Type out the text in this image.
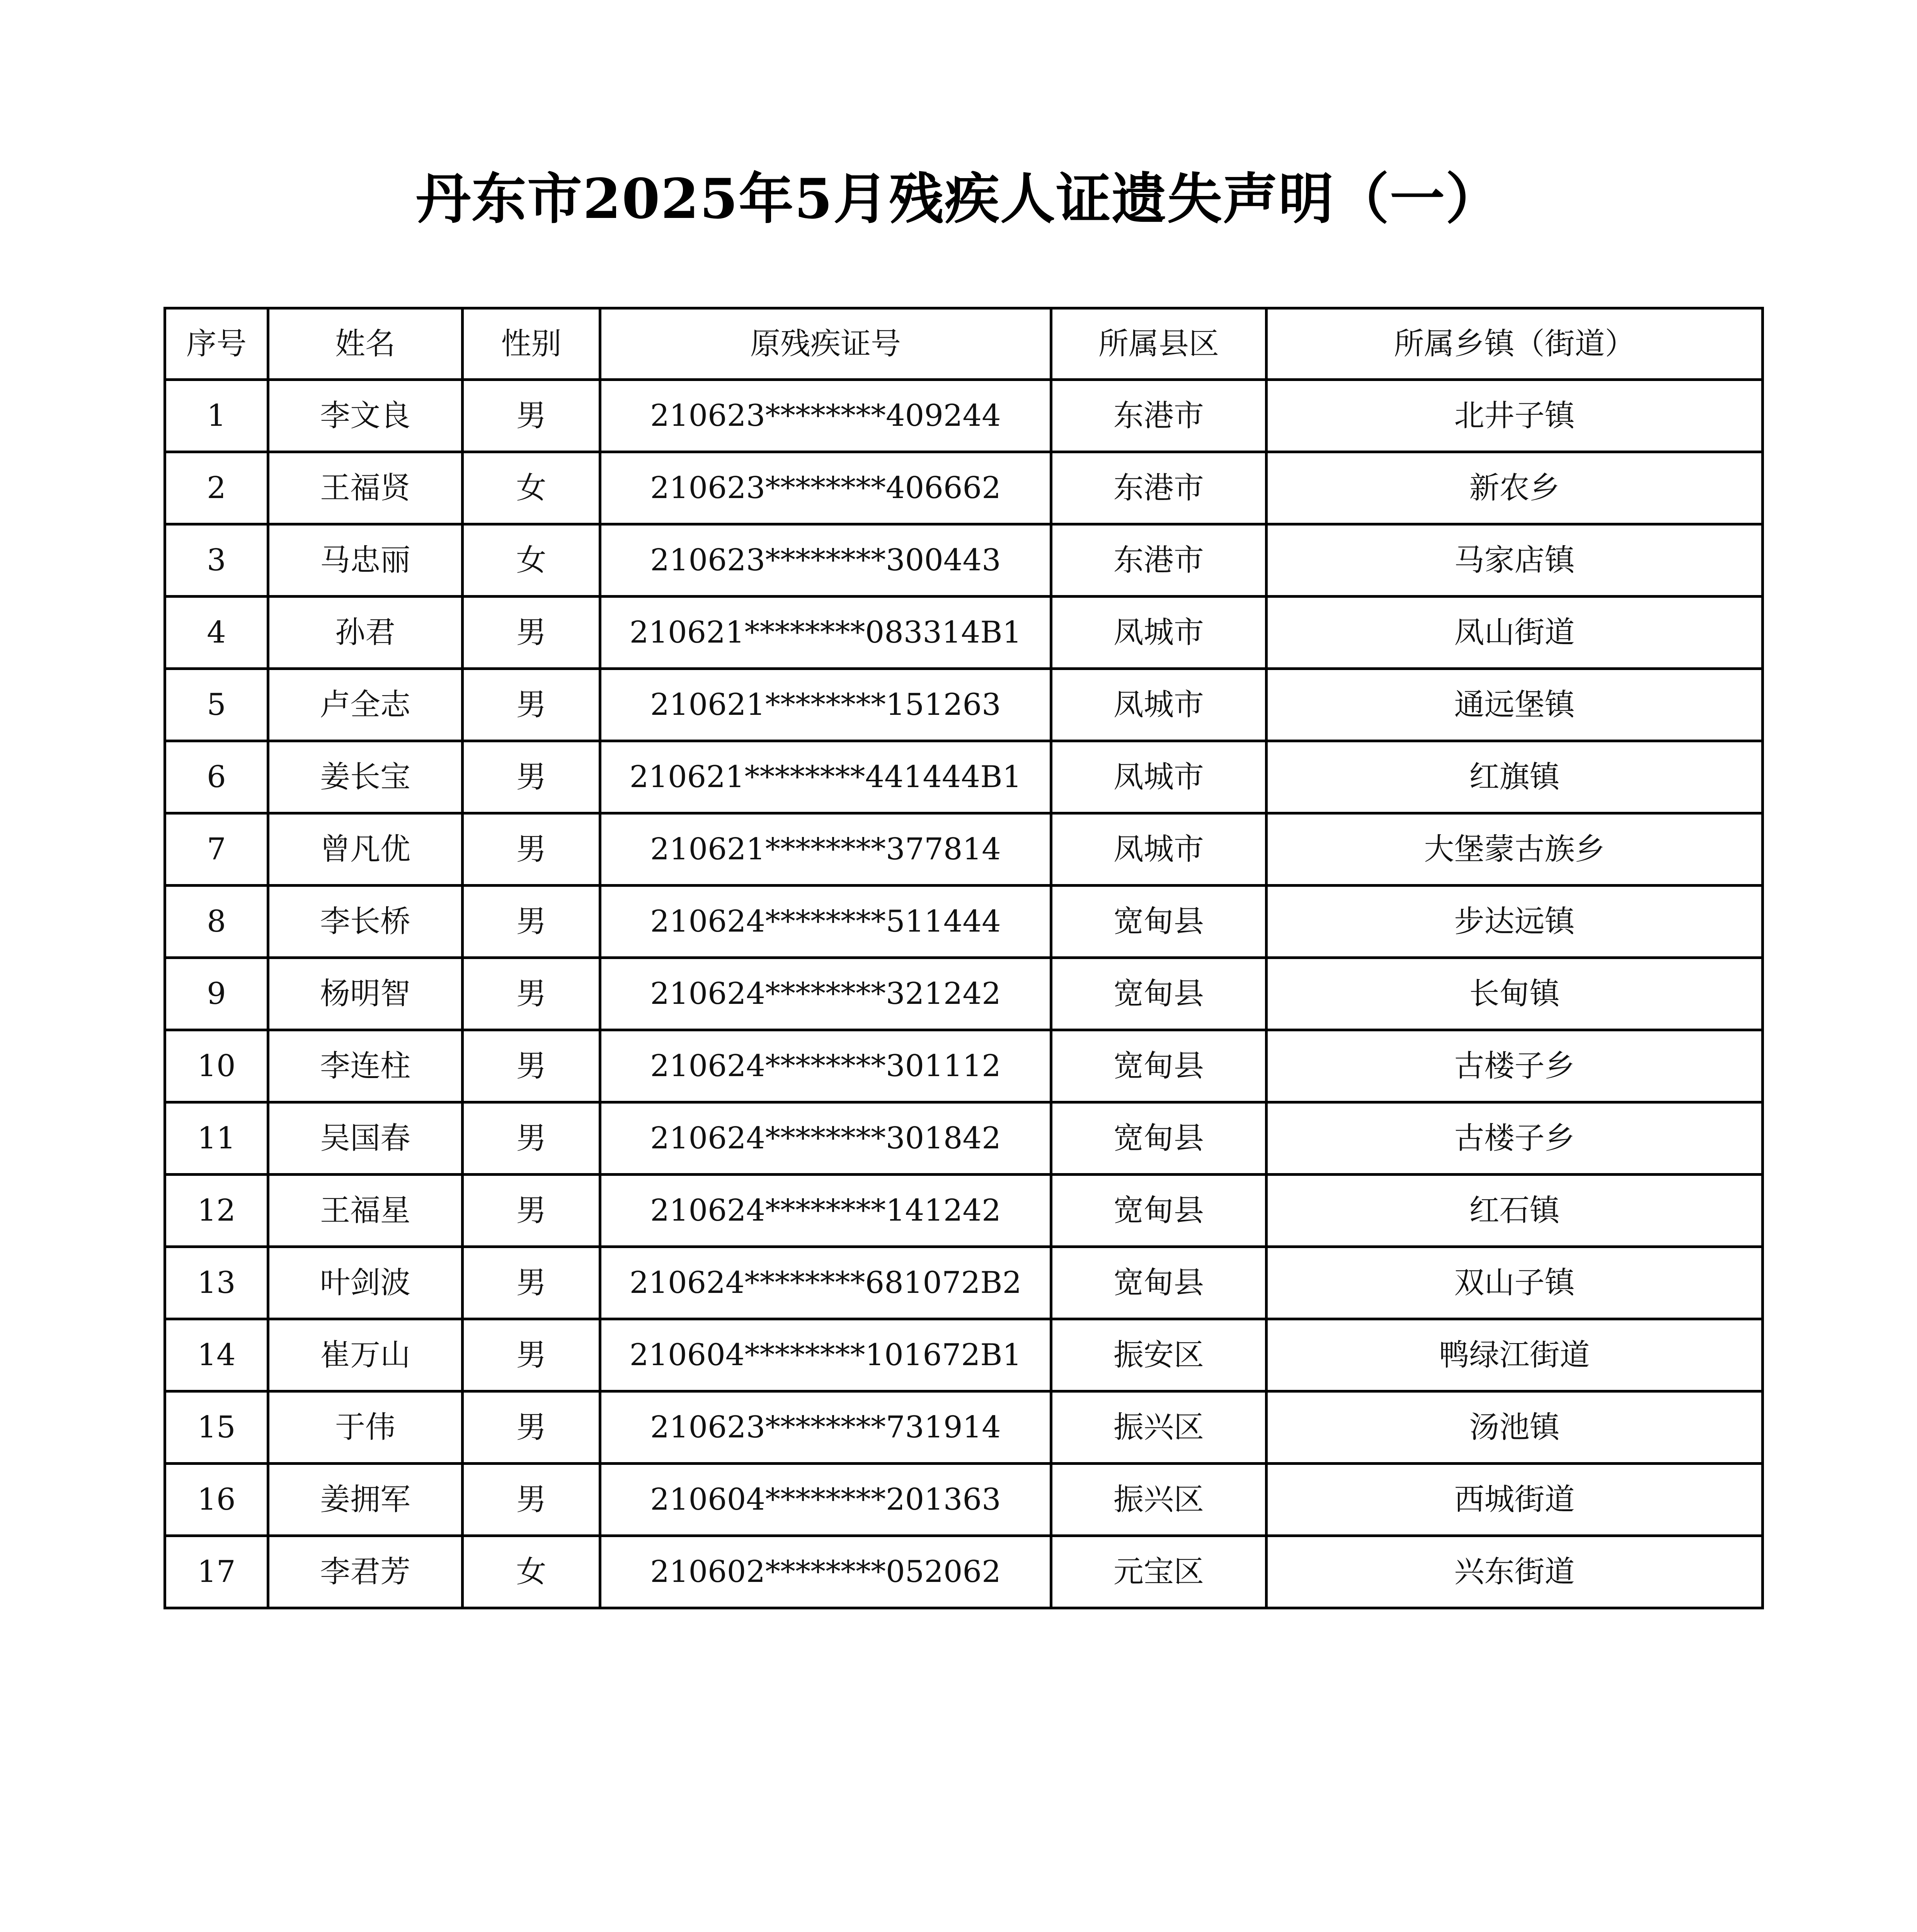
丹东市2025年5月残疾人证遗失声明（一）
序号	姓名	性别	原残疾证号	所属县区	所属乡镇（街道）
1	李文良	男	210623********409244	东港市	北井子镇
2	王福贤	女	210623********406662	东港市	新农乡
3	马忠丽	女	210623********300443	东港市	马家店镇
4	孙君	男	210621********083314B1	凤城市	凤山街道
5	卢全志	男	210621********151263	凤城市	通远堡镇
6	姜长宝	男	210621********441444B1	凤城市	红旗镇
7	曾凡优	男	210621********377814	凤城市	大堡蒙古族乡
8	李长桥	男	210624********511444	宽甸县	步达远镇
9	杨明智	男	210624********321242	宽甸县	长甸镇
10	李连柱	男	210624********301112	宽甸县	古楼子乡
11	吴国春	男	210624********301842	宽甸县	古楼子乡
12	王福星	男	210624********141242	宽甸县	红石镇
13	叶剑波	男	210624********681072B2	宽甸县	双山子镇
14	崔万山	男	210604********101672B1	振安区	鸭绿江街道
15	于伟	男	210623********731914	振兴区	汤池镇
16	姜拥军	男	210604********201363	振兴区	西城街道
17	李君芳	女	210602********052062	元宝区	兴东街道
